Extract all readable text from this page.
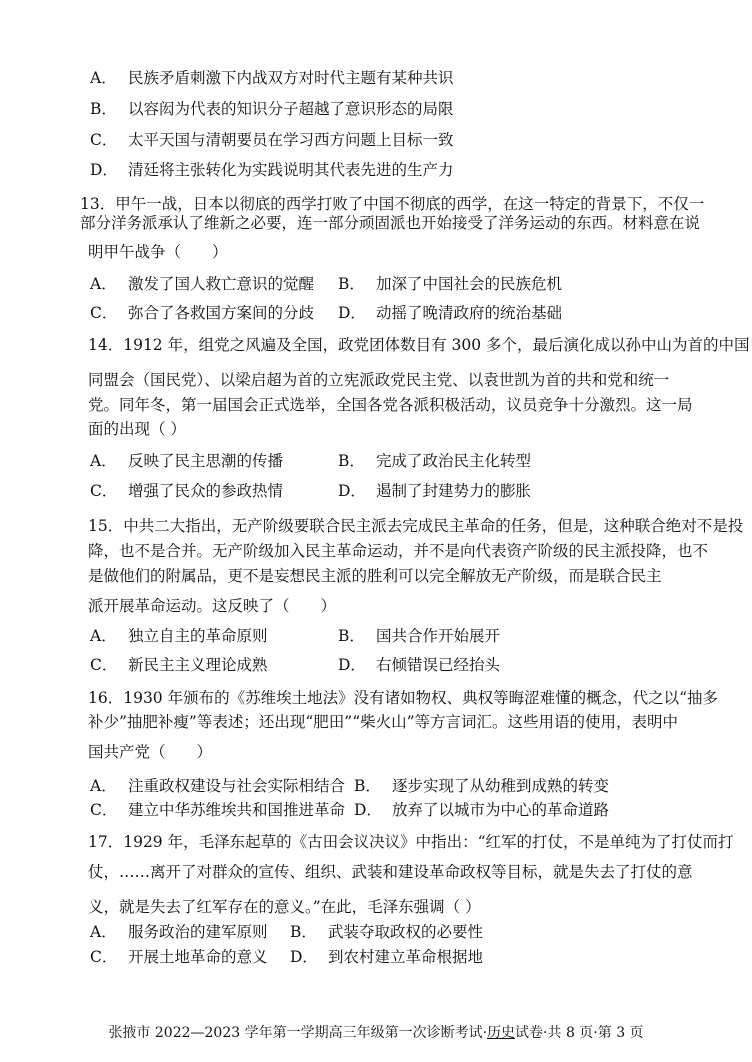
A． 民族矛盾刺激下内战双方对时代主题有某种共识
B． 以容闳为代表的知识分子超越了意识形态的局限
C． 太平天国与清朝要员在学习西方问题上目标一致
D． 清廷将主张转化为实践说明其代表先进的生产力
13．甲午一战，日本以彻底的西学打败了中国不彻底的西学，在这一特定的背景下，不仅一
部分洋务派承认了维新之必要，连一部分顽固派也开始接受了洋务运动的东西。材料意在说
明甲午战争（　　）
A． 激发了国人救亡意识的觉醒 B． 加深了中国社会的民族危机
C． 弥合了各救国方案间的分歧 D． 动摇了晚清政府的统治基础
14．1912 年，组党之风遍及全国，政党团体数目有 300 多个，最后演化成以孙中山为首的中国
同盟会（国民党）、以梁启超为首的立宪派政党民主党、以袁世凯为首的共和党和统一
党。同年冬，第一届国会正式选举，全国各党各派积极活动，议员竞争十分激烈。这一局
面的出现（ ）
A． 反映了民主思潮的传播	B． 完成了政治民主化转型
C． 增强了民众的参政热情	D． 遏制了封建势力的膨胀
15．中共二大指出，无产阶级要联合民主派去完成民主革命的任务，但是，这种联合绝对不是投
降，也不是合并。无产阶级加入民主革命运动，并不是向代表资产阶级的民主派投降，也不
是做他们的附属品，更不是妄想民主派的胜利可以完全解放无产阶级，而是联合民主
派开展革命运动。这反映了（　　）
A． 独立自主的革命原则	B． 国共合作开始展开
C． 新民主主义理论成熟	D． 右倾错误已经抬头
16．1930 年颁布的《苏维埃土地法》没有诸如物权、典权等晦涩难懂的概念，代之以“抽多
补少”抽肥补瘦”等表述；还出现“肥田”“柴火山”等方言词汇。这些用语的使用，表明中
国共产党（　　）
A． 注重政权建设与社会实际相结合 B． 逐步实现了从幼稚到成熟的转变
C． 建立中华苏维埃共和国推进革命 D． 放弃了以城市为中心的革命道路
17．1929 年，毛泽东起草的《古田会议决议》中指出：“红军的打仗，不是单纯为了打仗而打
仗，……离开了对群众的宣传、组织、武装和建设革命政权等目标，就是失去了打仗的意
义，就是失去了红军存在的意义。”在此，毛泽东强调（ ）
A． 服务政治的建军原则 B． 武装夺取政权的必要性
C． 开展土地革命的意义 D． 到农村建立革命根据地
张掖市 2022—2023 学年第一学期高三年级第一次诊断考试·历史试卷·共 8 页·第 3 页
